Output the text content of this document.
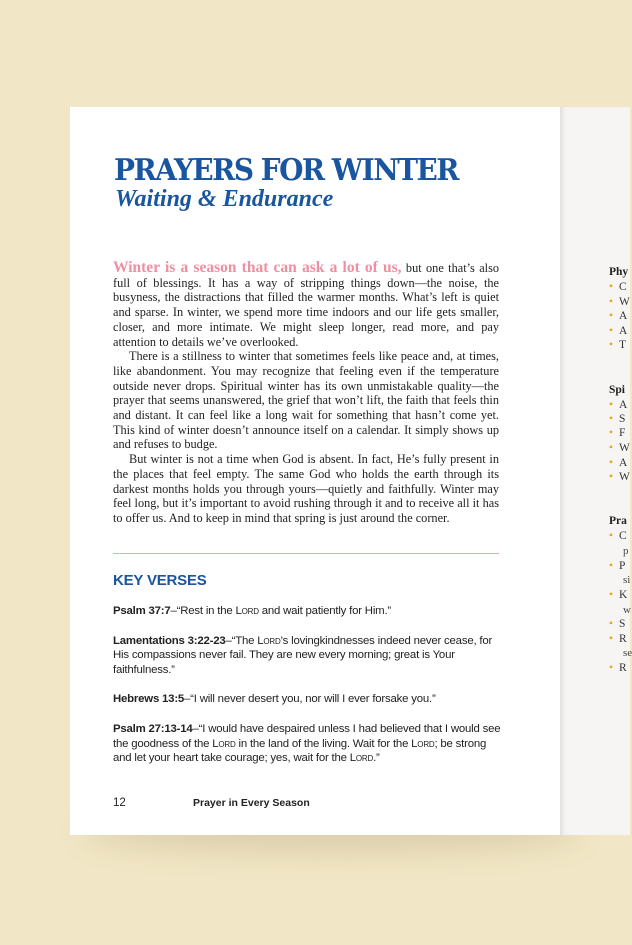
PRAYERS FOR WINTER
Waiting & Endurance

Winter is a season that can ask a lot of us, but one that’s also full of blessings. It has a way of stripping things down—the noise, the busyness, the distractions that filled the warmer months. What’s left is quiet and sparse. In winter, we spend more time indoors and our life gets smaller, closer, and more intimate. We might sleep longer, read more, and pay attention to details we’ve overlooked.

There is a stillness to winter that sometimes feels like peace and, at times, like abandonment. You may recognize that feeling even if the temperature outside never drops. Spiritual winter has its own unmistakable quality—the prayer that seems unanswered, the grief that won’t lift, the faith that feels thin and distant. It can feel like a long wait for something that hasn’t come yet. This kind of winter doesn’t announce itself on a calendar. It simply shows up and refuses to budge.

But winter is not a time when God is absent. In fact, He’s fully present in the places that feel empty. The same God who holds the earth through its darkest months holds you through yours—quietly and faithfully. Winter may feel long, but it’s important to avoid rushing through it and to receive all it has to offer us. And to keep in mind that spring is just around the corner.

KEY VERSES

Psalm 37:7–“Rest in the Lord and wait patiently for Him.”

Lamentations 3:22-23–“The Lord’s lovingkindnesses indeed never cease, for His compassions never fail. They are new every morning; great is Your faithfulness.”

Hebrews 13:5–“I will never desert you, nor will I ever forsake you.”

Psalm 27:13-14–“I would have despaired unless I had believed that I would see the goodness of the Lord in the land of the living. Wait for the Lord; be strong and let your heart take courage; yes, wait for the Lord.”

12	Prayer in Every Season
Phy
• C
• W
• A
• A
• T
Spi
• A
• S
• F
• W
• A
• W
Pra
• C
• P
• K
• S
• R
• R
p
si
w
se
